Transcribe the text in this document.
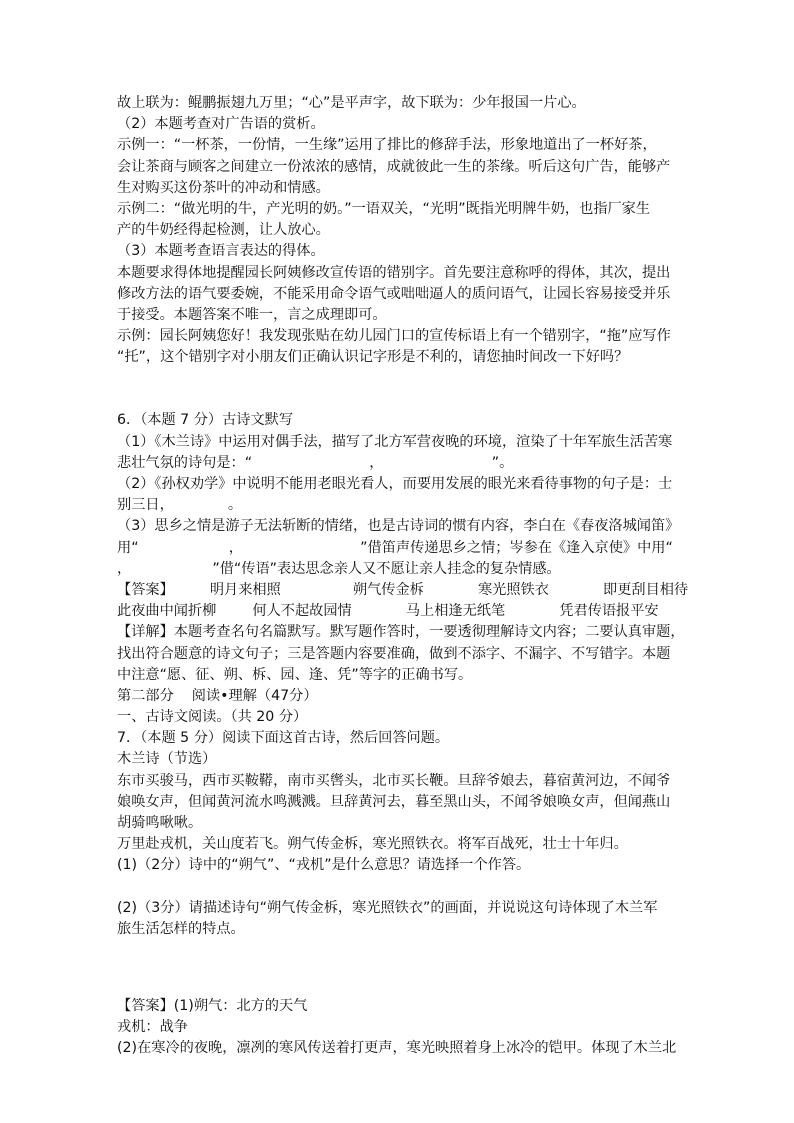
故上联为：鲲鹏振翅九万里；“心”是平声字，故下联为：少年报国一片心。
（2）本题考查对广告语的赏析。
示例一：“一杯茶，一份情，一生缘”运用了排比的修辞手法，形象地道出了一杯好茶，
会让茶商与顾客之间建立一份浓浓的感情，成就彼此一生的茶缘。听后这句广告，能够产
生对购买这份茶叶的冲动和情感。
示例二：“做光明的牛，产光明的奶。”一语双关，“光明”既指光明牌牛奶，也指厂家生
产的牛奶经得起检测，让人放心。
（3）本题考查语言表达的得体。
本题要求得体地提醒园长阿姨修改宣传语的错别字。首先要注意称呼的得体，其次，提出
修改方法的语气要委婉，不能采用命令语气或咄咄逼人的质问语气，让园长容易接受并乐
于接受。本题答案不唯一，言之成理即可。
示例：园长阿姨您好！我发现张贴在幼儿园门口的宣传标语上有一个错别字，“拖”应写作
“托”，这个错别字对小朋友们正确认识记字形是不利的，请您抽时间改一下好吗？
6．（本题 7 分）古诗文默写
（1）《木兰诗》中运用对偶手法，描写了北方军营夜晚的环境，渲染了十年军旅生活苦寒
悲壮气氛的诗句是：“                          ，                        ”。
（2）《孙权劝学》中说明不能用老眼光看人，而要用发展的眼光来看待事物的句子是：士
别三日，            。
（3）思乡之情是游子无法斩断的情绪，也是古诗词的惯有内容，李白在《春夜洛城闻笛》
用“                    ，                          ”借笛声传递思乡之情；岑参在《逢入京使》中用“
，                  ”借“传语”表达思念亲人又不愿让亲人挂念的复杂情感。
【答案】        明月来相照                朔气传金柝            寒光照铁衣            即更刮目相待
此夜曲中闻折柳        何人不起故园情            马上相逢无纸笔            凭君传语报平安
【详解】本题考查名句名篇默写。默写题作答时，一要透彻理解诗文内容；二要认真审题，
找出符合题意的诗文句子；三是答题内容要准确，做到不添字、不漏字、不写错字。本题
中注意“愿、征、朔、柝、园、逢、凭”等字的正确书写。
第二部分    阅读•理解（47分）
一、古诗文阅读。（共 20 分）
7．（本题 5 分）阅读下面这首古诗，然后回答问题。
木兰诗（节选）
东市买骏马，西市买鞍鞯，南市买辔头，北市买长鞭。旦辞爷娘去，暮宿黄河边，不闻爷
娘唤女声，但闻黄河流水鸣溅溅。旦辞黄河去，暮至黑山头，不闻爷娘唤女声，但闻燕山
胡骑鸣啾啾。
万里赴戎机，关山度若飞。朔气传金柝，寒光照铁衣。将军百战死，壮士十年归。
(1)（2分）诗中的“朔气”、“戎机”是什么意思？请选择一个作答。
(2)（3分）请描述诗句“朔气传金柝，寒光照铁衣”的画面，并说说这句诗体现了木兰军
旅生活怎样的特点。
【答案】(1)朔气：北方的天气
戎机：战争
(2)在寒冷的夜晚，凛冽的寒风传送着打更声，寒光映照着身上冰冷的铠甲。体现了木兰北
